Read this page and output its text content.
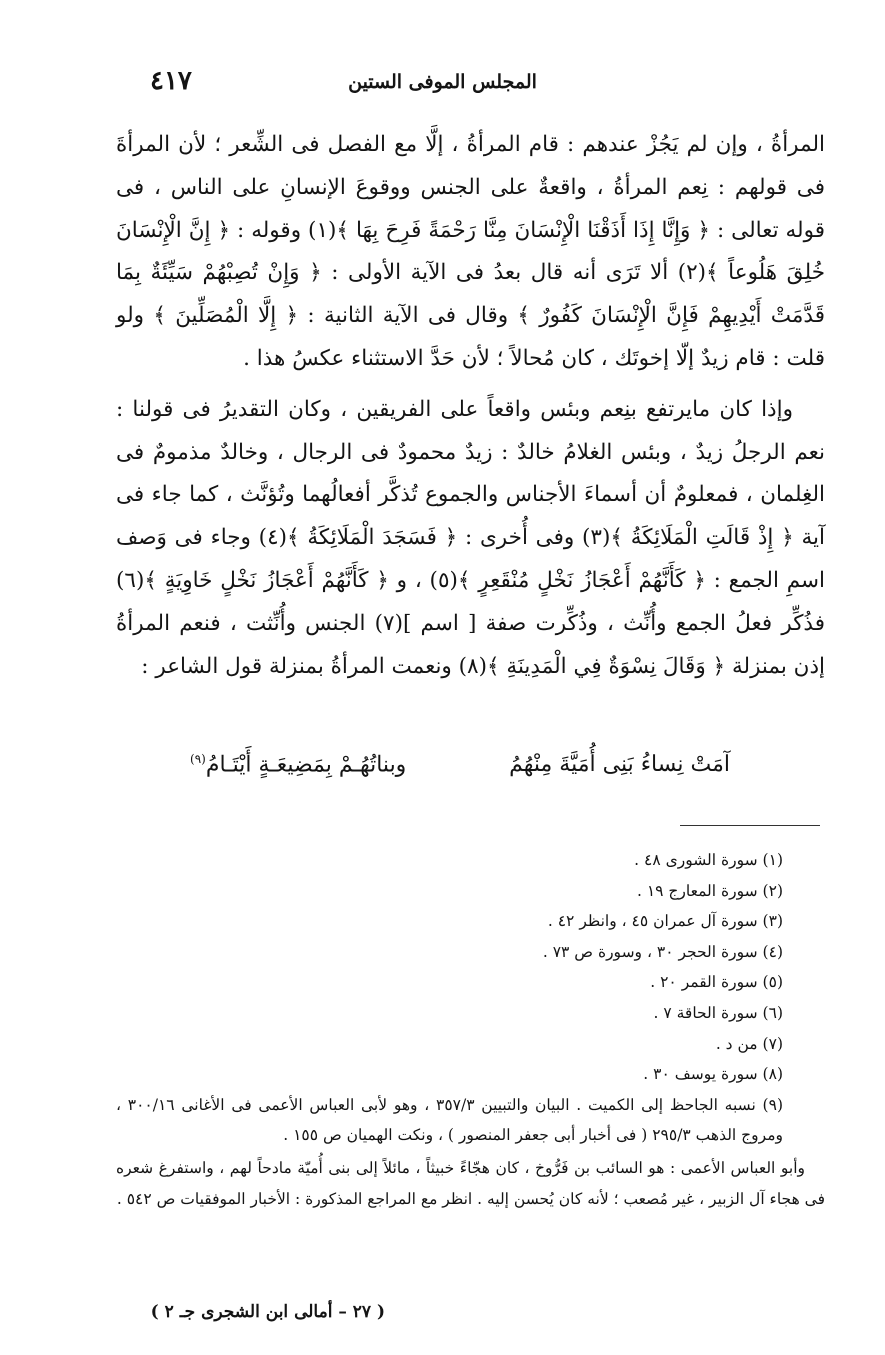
المجلس الموفى الستين
٤١٧

المرأةُ ، وإن لم يَجُزْ عندهم : قام المرأةُ ، إلَّا مع الفصل فى الشِّعر ؛ لأن المرأةَ فى قولهم : نِعم المرأةُ ، واقعةٌ على الجنس ووقوعَ الإنسانِ على الناس ، فى قوله تعالى : ﴿ وَإِنَّا إِذَا أَذَقْنَا الْإِنْسَانَ مِنَّا رَحْمَةً فَرِحَ بِهَا ﴾(١) وقوله : ﴿ إِنَّ الْإِنْسَانَ خُلِقَ هَلُوعاً ﴾(٢) ألا تَرَى أنه قال بعدُ فى الآية الأولى : ﴿ وَإِنْ تُصِبْهُمْ سَيِّئَةٌ بِمَا قَدَّمَتْ أَيْدِيهِمْ فَإِنَّ الْإِنْسَانَ كَفُورٌ ﴾ وقال فى الآية الثانية : ﴿ إِلَّا الْمُصَلِّينَ ﴾ ولو قلت : قام زيدٌ إلّا إخوتَك ، كان مُحالاً ؛ لأن حَدَّ الاستثناء عكسُ هذا .

وإذا كان مايرتفع بنِعم وبئس واقعاً على الفريقين ، وكان التقديرُ فى قولنا : نعم الرجلُ زيدٌ ، وبئس الغلامُ خالدٌ : زيدٌ محمودٌ فى الرجال ، وخالدٌ مذمومٌ فى الغِلمان ، فمعلومٌ أن أسماءَ الأجناس والجموع تُذكَّر أفعالُهما وتُؤنَّث ، كما جاء فى آية ﴿ إِذْ قَالَتِ الْمَلَائِكَةُ ﴾(٣) وفى أُخرى : ﴿ فَسَجَدَ الْمَلَائِكَةُ ﴾(٤) وجاء فى وَصف اسمِ الجمع : ﴿ كَأَنَّهُمْ أَعْجَازُ نَخْلٍ مُنْقَعِرٍ ﴾(٥) ، و ﴿ كَأَنَّهُمْ أَعْجَازُ نَخْلٍ خَاوِيَةٍ ﴾(٦) فذُكِّر فعلُ الجمع وأُنِّث ، وذُكِّرت صفة [ اسم ](٧) الجنس وأُنِّثت ، فنعم المرأةُ إذن بمنزلة ﴿ وَقَالَ نِسْوَةٌ فِي الْمَدِينَةِ ﴾(٨) ونعمت المرأةُ بمنزلة قول الشاعر :

آمَتْ نِساءُ بَنِى أُمَيَّةَ مِنْهُمُ
وبناتُهُـمْ بِمَضِيعَـةٍ أَيْتَـامُ$^{(٩)}$
(١) سورة الشورى ٤٨ .
(٢) سورة المعارج ١٩ .
(٣) سورة آل عمران ٤٥ ، وانظر ٤٢ .
(٤) سورة الحجر ٣٠ ، وسورة ص ٧٣ .
(٥) سورة القمر ٢٠ .
(٦) سورة الحاقة ٧ .
(٧) من د .
(٨) سورة يوسف ٣٠ .
(٩) نسبه الجاحظ إلى الكميت . البيان والتبيين ٣٥٧/٣ ، وهو لأبى العباس الأعمى فى الأغانى ٣٠٠/١٦ ، ومروج الذهب ٢٩٥/٣ ( فى أخبار أبى جعفر المنصور ) ، ونكت الهميان ص ١٥٥ .
وأبو العباس الأعمى : هو السائب بن فَرُّوخ ، كان هجّاءً خبيثاً ، مائلاً إلى بنى أُميّة مادحاً لهم ، واستفرغ شعره فى هجاء آل الزبير ، غير مُصعب ؛ لأنه كان يُحسن إليه . انظر مع المراجع المذكورة : الأخبار الموفقيات ص ٥٤٢ .
( ٢٧ – أمالى ابن الشجرى جـ ٢ )
